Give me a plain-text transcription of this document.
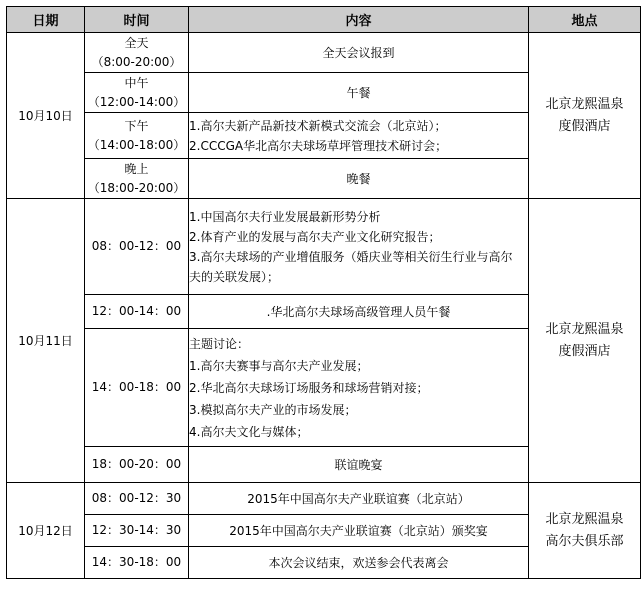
日期	时间	内容	地点
10月10日	全天
（8:00-20:00）	全天会议报到	北京龙熙温泉
度假酒店

	中午
（12:00-14:00）	午餐	

	下午
（14:00-18:00）	1.高尔夫新产品新技术新模式交流会（北京站）；
2.CCCGA华北高尔夫球场草坪管理技术研讨会；	

	晚上
（18:00-20:00）	晚餐	
10月11日	08：00-12：00	1.中国高尔夫行业发展最新形势分析
2.体育产业的发展与高尔夫产业文化研究报告；
3.高尔夫球场的产业增值服务（婚庆业等相关衍生行业与高尔夫的关联发展）；	北京龙熙温泉
度假酒店

	12：00-14：00	.华北高尔夫球场高级管理人员午餐	
	14：00-18：00	主题讨论：
1.高尔夫赛事与高尔夫产业发展；
2.华北高尔夫球场订场服务和球场营销对接；
3.模拟高尔夫产业的市场发展；
4.高尔夫文化与媒体；	

	18：00-20：00	联谊晚宴	
10月12日	08：00-12：30	2015年中国高尔夫产业联谊赛（北京站）	北京龙熙温泉
高尔夫俱乐部

	12：30-14：30	2015年中国高尔夫产业联谊赛（北京站）颁奖宴	
	14：30-18：00	本次会议结束，欢送参会代表离会	
